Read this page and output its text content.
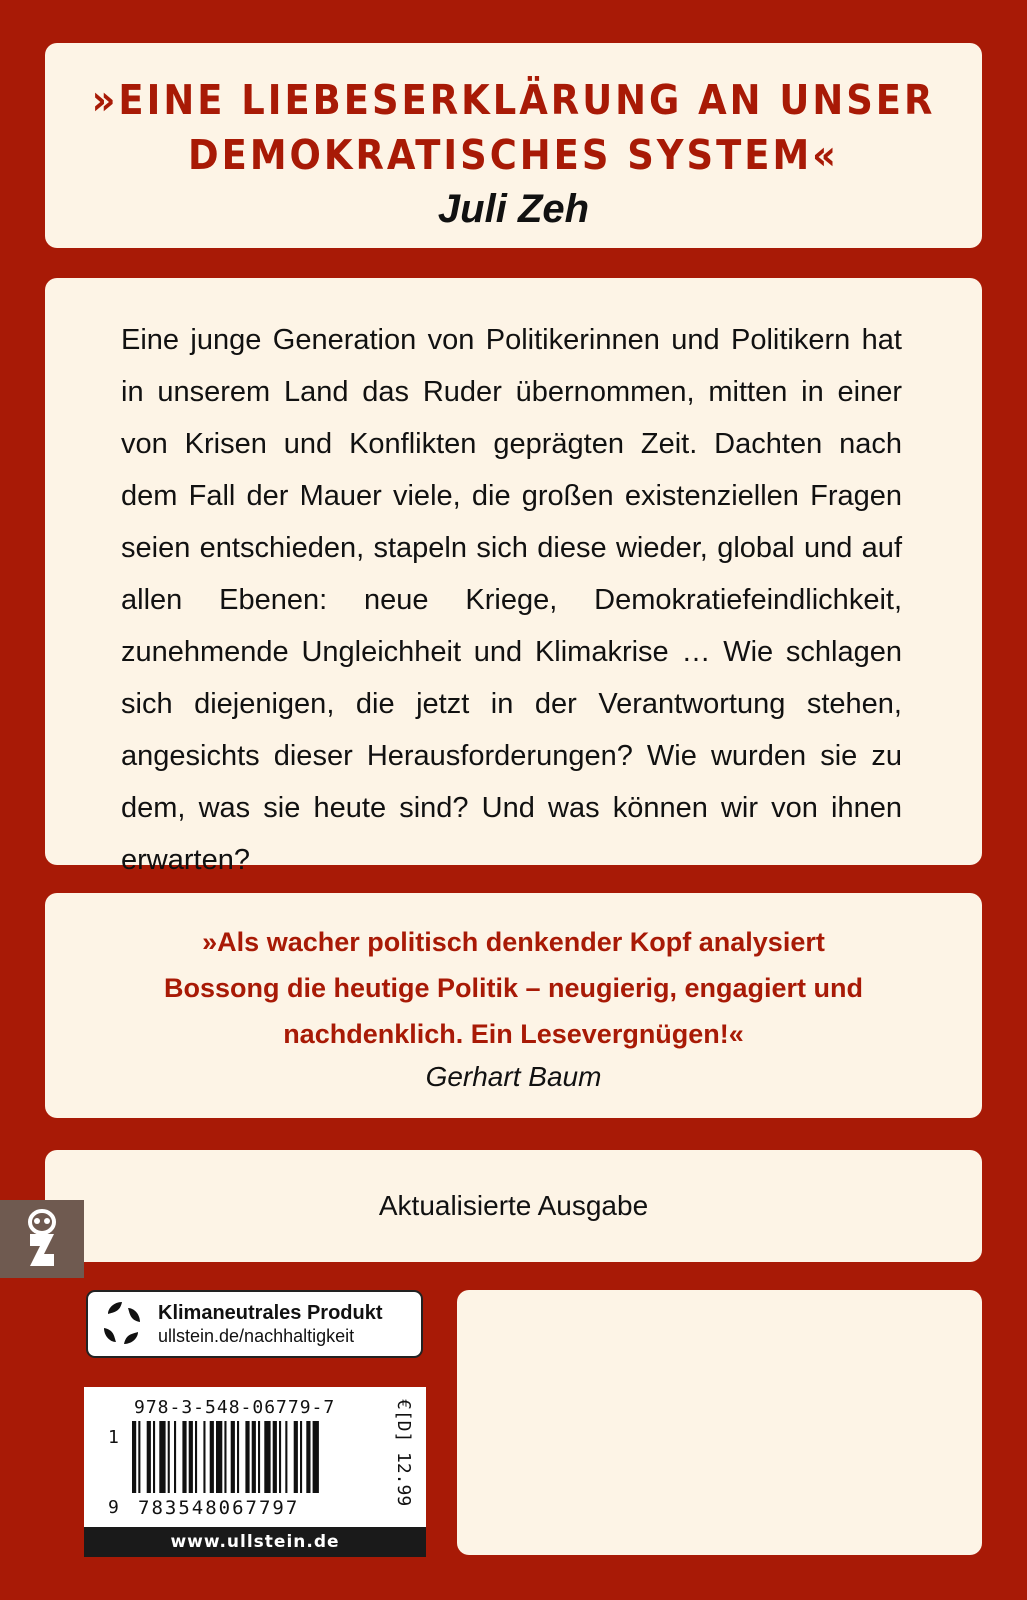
»EINE LIEBESERKLÄRUNG AN UNSER
DEMOKRATISCHES SYSTEM«
Juli Zeh
Eine junge Generation von Politikerinnen und Politikern hat in unserem Land das Ruder übernommen, mitten in einer von Krisen und Konflikten geprägten Zeit. Dachten nach dem Fall der Mauer viele, die großen existenziellen Fragen seien entschieden, stapeln sich diese wieder, global und auf allen Ebenen: neue Kriege, Demokratiefeindlichkeit, zunehmende Ungleichheit und Klimakrise … Wie schlagen sich diejenigen, die jetzt in der Verantwortung stehen, angesichts dieser Herausforderungen? Wie wurden sie zu dem, was sie heute sind? Und was können wir von ihnen erwarten?
»Als wacher politisch denkender Kopf analysiert
Bossong die heutige Politik – neugierig, engagiert und
nachdenklich. Ein Lesevergnügen!«
Gerhart Baum
Aktualisierte Ausgabe
Klimaneutrales Produkt
ullstein.de/nachhaltigkeit
978-3-548-06779-7
1
9 783548067797
€[D]
12.99
www.ullstein.de
